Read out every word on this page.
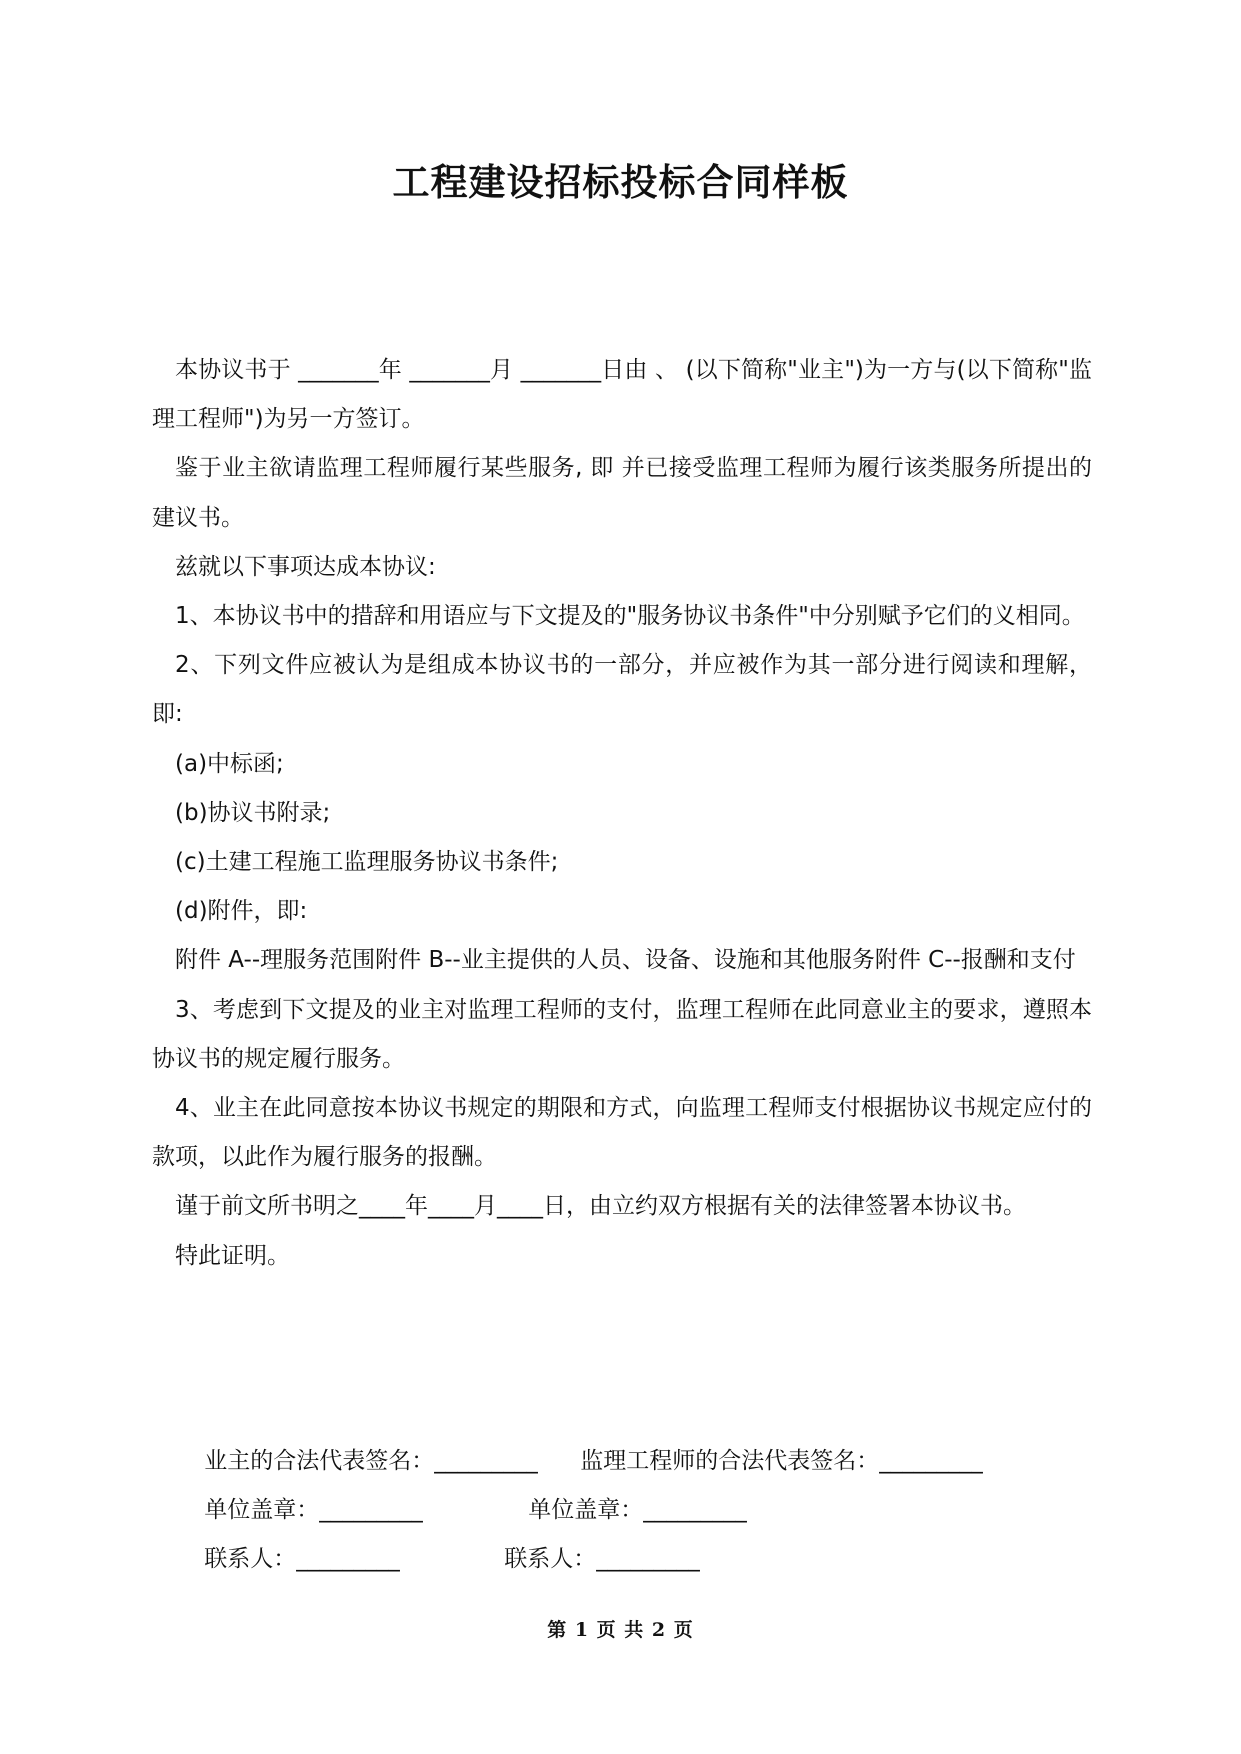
工程建设招标投标合同样板

本协议书于 _______年 _______月 _______日由 、 (以下简称"业主")为一方与(以下简称"监理工程师")为另一方签订。

鉴于业主欲请监理工程师履行某些服务, 即 并已接受监理工程师为履行该类服务所提出的建议书。

兹就以下事项达成本协议:

1、本协议书中的措辞和用语应与下文提及的"服务协议书条件"中分别赋予它们的义相同。

2、下列文件应被认为是组成本协议书的一部分，并应被作为其一部分进行阅读和理解，即:

(a)中标函;

(b)协议书附录;

(c)土建工程施工监理服务协议书条件;

(d)附件，即:

附件 A--理服务范围附件 B--业主提供的人员、设备、设施和其他服务附件 C--报酬和支付

3、考虑到下文提及的业主对监理工程师的支付，监理工程师在此同意业主的要求，遵照本协议书的规定履行服务。

4、业主在此同意按本协议书规定的期限和方式，向监理工程师支付根据协议书规定应付的款项，以此作为履行服务的报酬。

谨于前文所书明之____年____月____日，由立约双方根据有关的法律签署本协议书。

特此证明。

业主的合法代表签名：_________ 监理工程师的合法代表签名：_________

单位盖章：_________	单位盖章：_________

联系人：_________	联系人：_________

第 1 页 共 2 页
